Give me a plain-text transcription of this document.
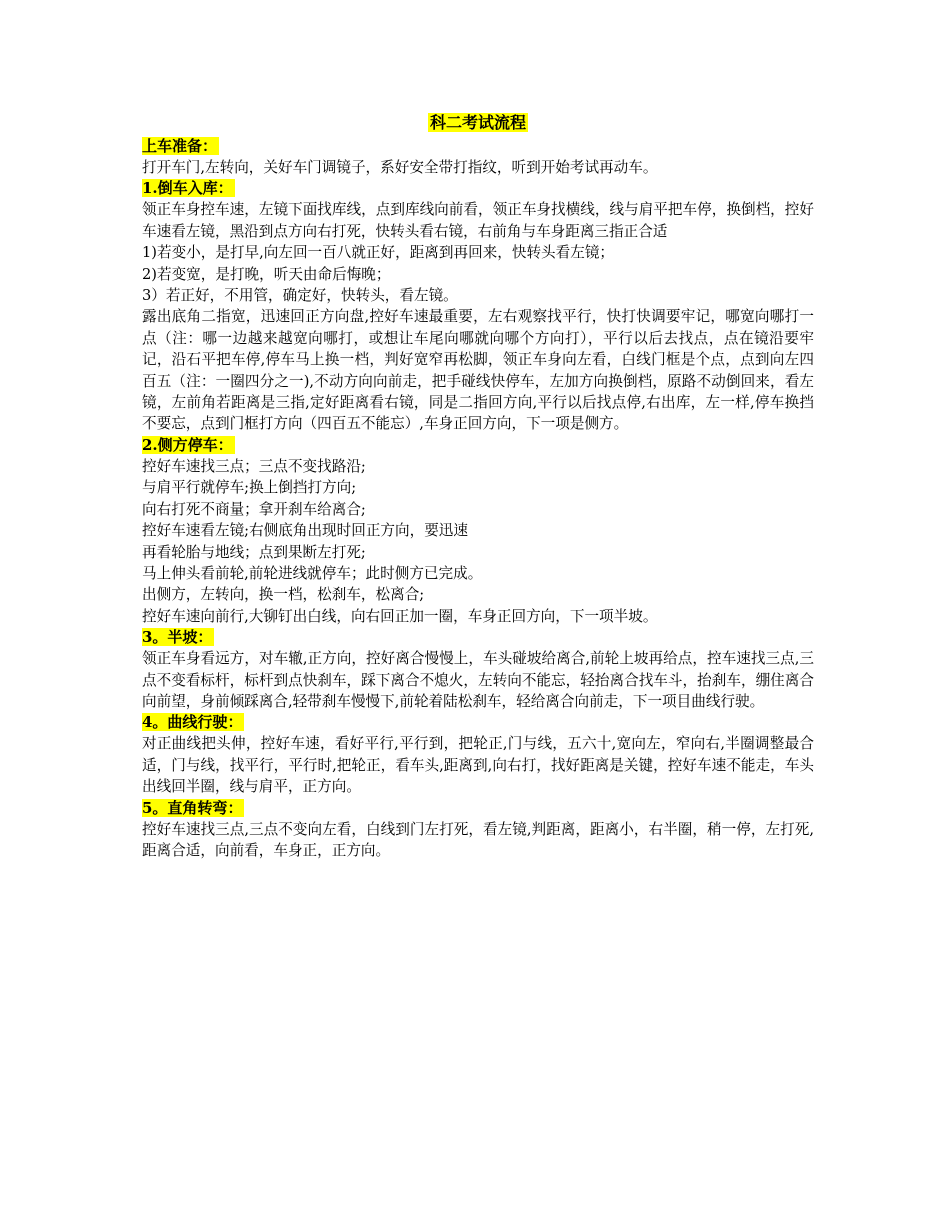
科二考试流程

上车准备：

打开车门,左转向，关好车门调镜子，系好安全带打指纹，听到开始考试再动车。

1.倒车入库：

领正车身控车速，左镜下面找库线，点到库线向前看，领正车身找横线，线与肩平把车停，换倒档，控好车速看左镜，黑沿到点方向右打死，快转头看右镜，右前角与车身距离三指正合适

1)若变小，是打早,向左回一百八就正好，距离到再回来，快转头看左镜；

2)若变宽，是打晚，听天由命后悔晚；

3）若正好，不用管，确定好，快转头，看左镜。

露出底角二指宽，迅速回正方向盘,控好车速最重要，左右观察找平行，快打快调要牢记，哪宽向哪打一点（注：哪一边越来越宽向哪打，或想让车尾向哪就向哪个方向打），平行以后去找点，点在镜沿要牢记，沿石平把车停,停车马上换一档，判好宽窄再松脚，领正车身向左看，白线门框是个点，点到向左四百五（注：一圈四分之一),不动方向向前走，把手碰线快停车，左加方向换倒档，原路不动倒回来，看左镜，左前角若距离是三指,定好距离看右镜，同是二指回方向,平行以后找点停,右出库，左一样,停车换挡不要忘，点到门框打方向（四百五不能忘）,车身正回方向，下一项是侧方。

2.侧方停车：

控好车速找三点；三点不变找路沿;

与肩平行就停车;换上倒挡打方向;

向右打死不商量；拿开刹车给离合;

控好车速看左镜;右侧底角出现时回正方向，要迅速

再看轮胎与地线；点到果断左打死;

马上伸头看前轮,前轮进线就停车；此时侧方已完成。

出侧方，左转向，换一档，松刹车，松离合;

控好车速向前行,大铆钉出白线，向右回正加一圈，车身正回方向，下一项半坡。

3。半坡：

领正车身看远方，对车辙,正方向，控好离合慢慢上，车头碰坡给离合,前轮上坡再给点，控车速找三点,三点不变看标杆，标杆到点快刹车，踩下离合不熄火，左转向不能忘，轻抬离合找车斗，抬刹车，绷住离合向前望，身前倾踩离合,轻带刹车慢慢下,前轮着陆松刹车，轻给离合向前走，下一项目曲线行驶。

4。曲线行驶：

对正曲线把头伸，控好车速，看好平行,平行到，把轮正,门与线，五六十,宽向左，窄向右,半圈调整最合适，门与线，找平行，平行时,把轮正，看车头,距离到,向右打，找好距离是关键，控好车速不能走，车头出线回半圈，线与肩平，正方向。

5。直角转弯：

控好车速找三点,三点不变向左看，白线到门左打死，看左镜,判距离，距离小，右半圈，稍一停，左打死,距离合适，向前看，车身正，正方向。
